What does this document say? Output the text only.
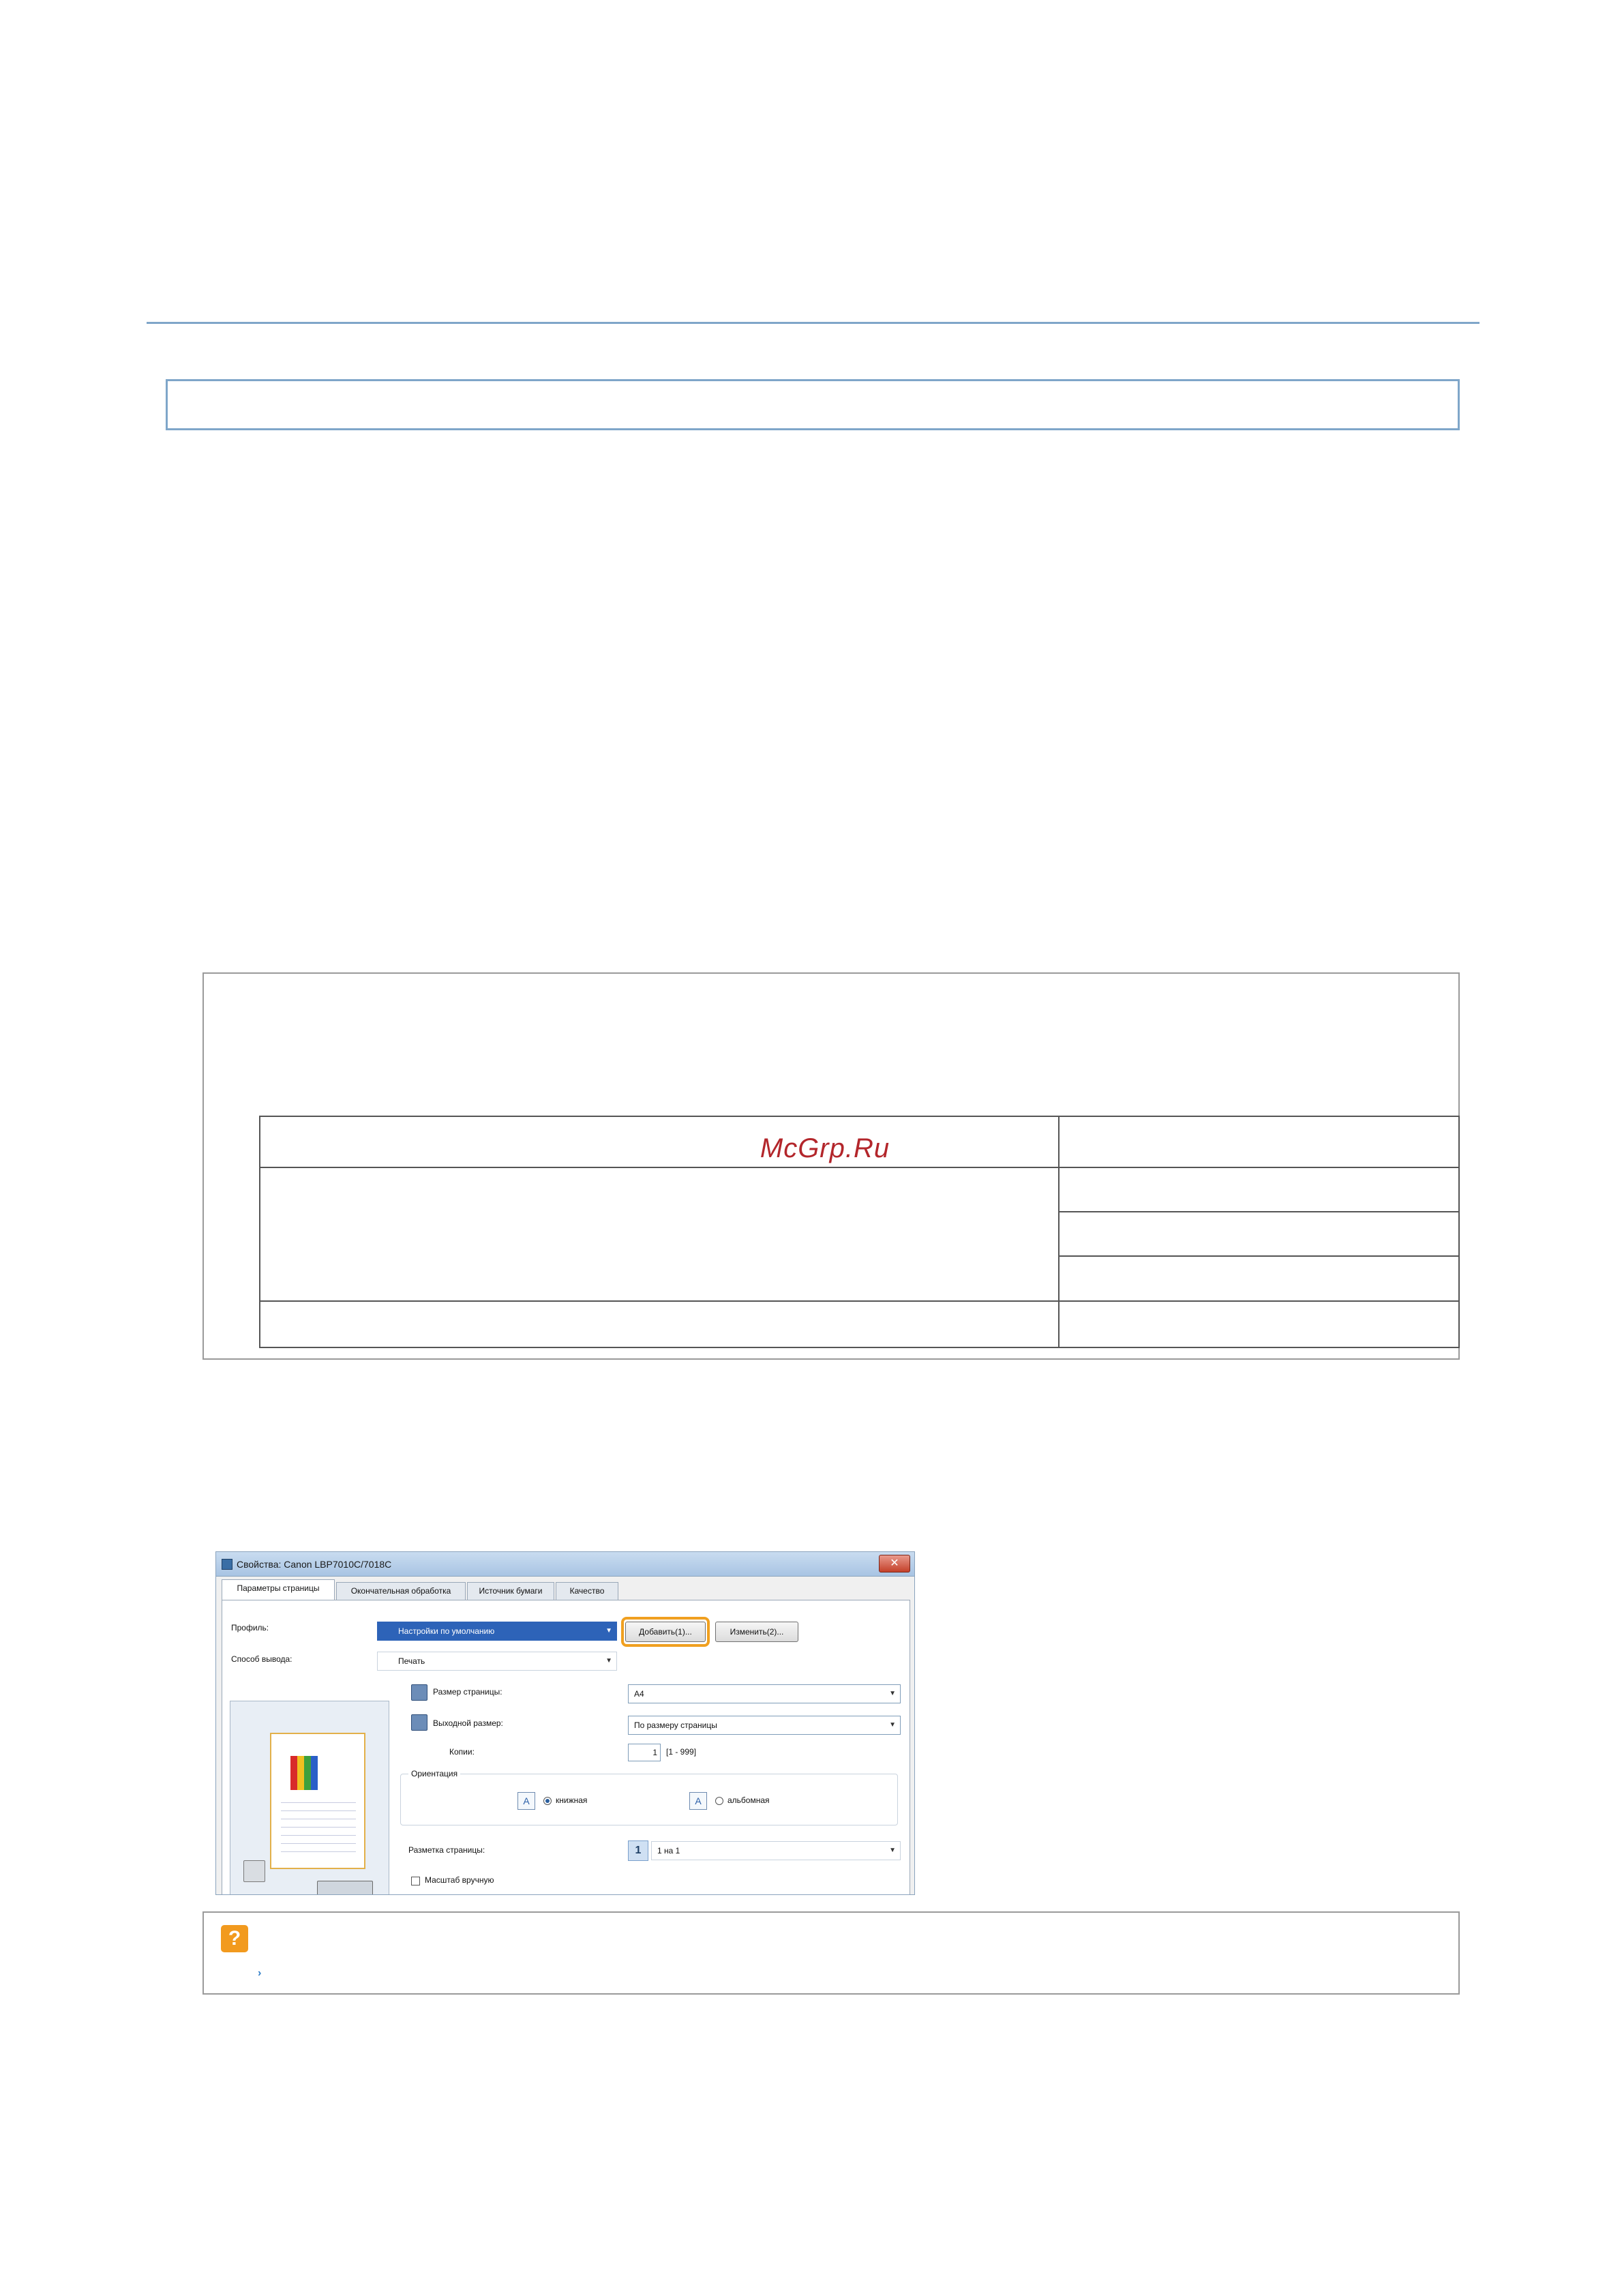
McGrp.Ru
Свойства: Canon LBP7010C/7018C	✕
Параметры страницы	Окончательная обработка	Источник бумаги	Качество
Профиль:	Настройки по умолчанию	▼	Добавить(1)...	Изменить(2)...
Способ вывода:	Печать	▼
Размер страницы:	A4	▼
Выходной размер:	По размеру страницы	▼
Копии:	1	[1 - 999]
Ориентация
A	книжная	A	альбомная
Разметка страницы:	1	1 на 1	▼
Масштаб вручную
?
›
